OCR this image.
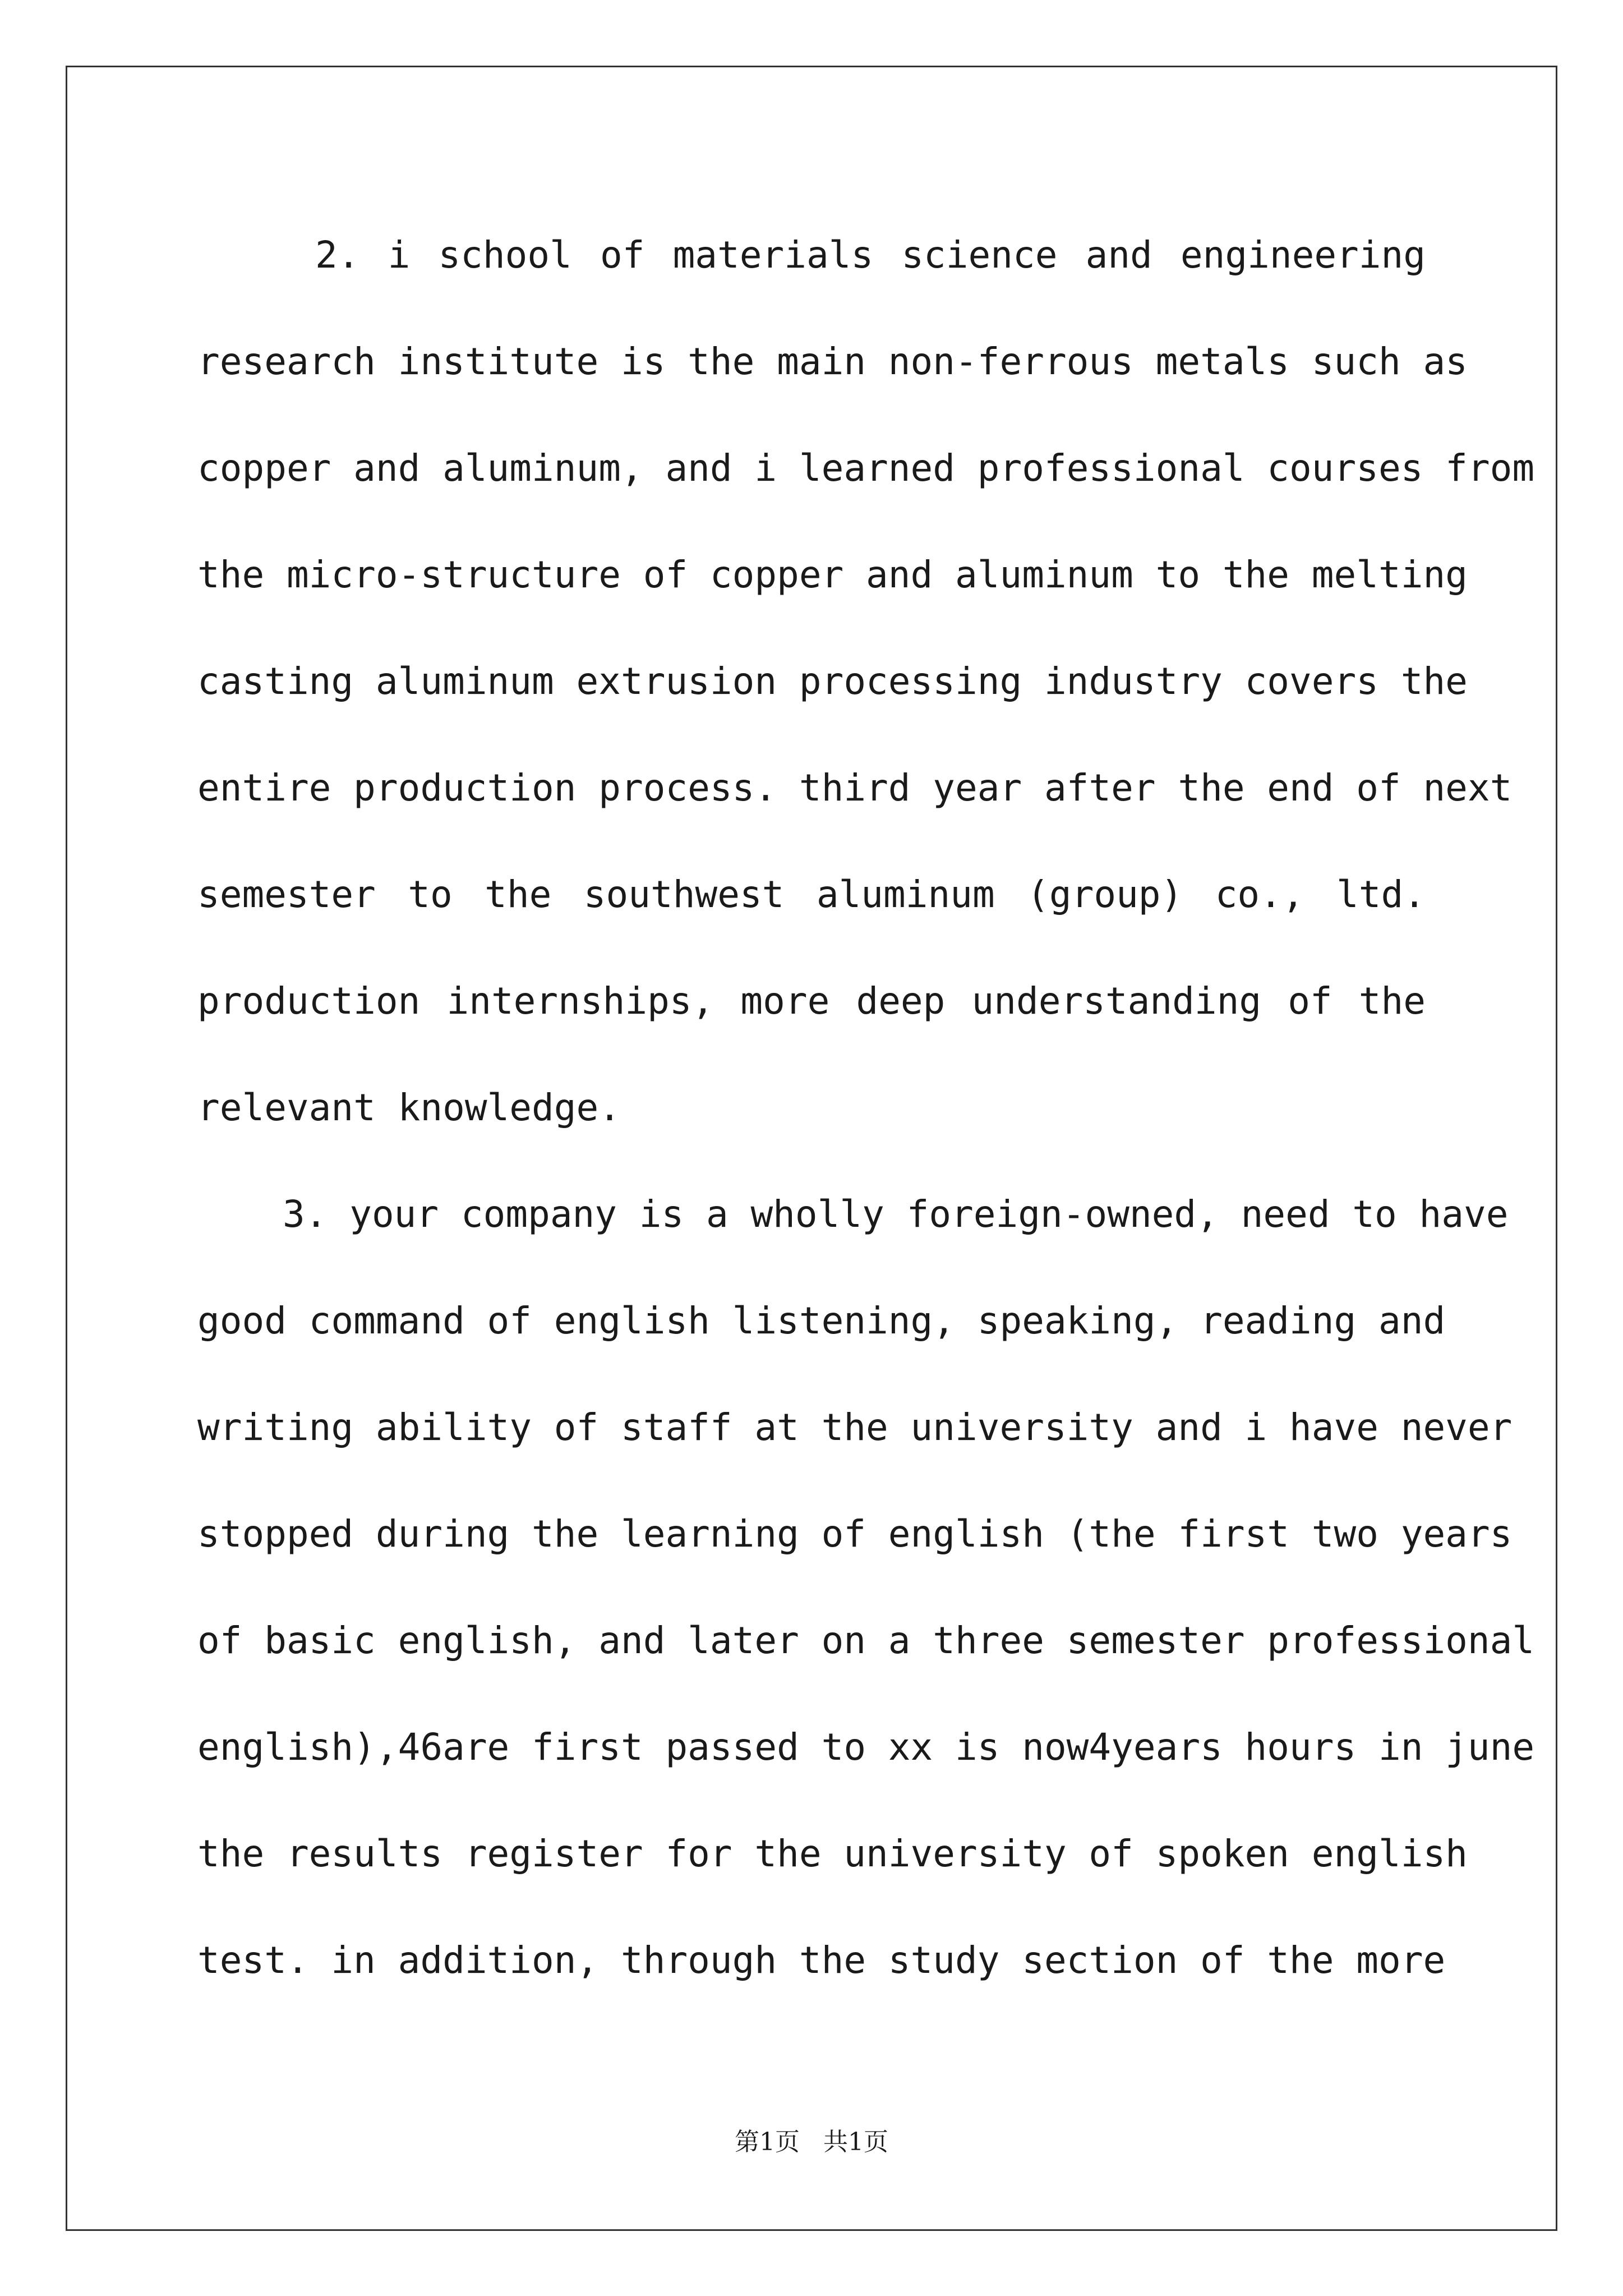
2. i school of materials science and engineering
research institute is the main non-ferrous metals such as
copper and aluminum, and i learned professional courses from
the micro-structure of copper and aluminum to the melting
casting aluminum extrusion processing industry covers the
entire production process. third year after the end of next
semester to the southwest aluminum (group) co., ltd.
production internships, more deep understanding of the
relevant knowledge.
3. your company is a wholly foreign-owned, need to have
good command of english listening, speaking, reading and
writing ability of staff at the university and i have never
stopped during the learning of english (the first two years
of basic english, and later on a three semester professional
english),46are first passed to xx is now4years hours in june
the results register for the university of spoken english
test. in addition, through the study section of the more
第1页   共1页
